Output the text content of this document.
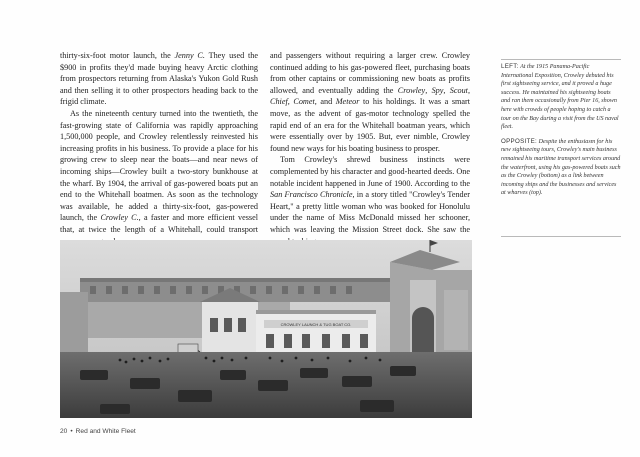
thirty-six-foot motor launch, the Jenny C. They used the $900 in profits they'd made buying heavy Arctic clothing from prospectors returning from Alaska's Yukon Gold Rush and then selling it to other prospectors heading back to the frigid climate.

As the nineteenth century turned into the twentieth, the fast-growing state of California was rapidly approaching 1,500,000 people, and Crowley relentlessly reinvested his increasing profits in his business. To provide a place for his growing crew to sleep near the boats—and near news of incoming ships—Crowley built a two-story bunkhouse at the wharf. By 1904, the arrival of gas-powered boats put an end to the Whitehall boatmen. As soon as the technology was available, he added a thirty-six-foot, gas-powered launch, the Crowley C., a faster and more efficient vessel that, at twice the length of a Whitehall, could transport

and passengers without requiring a larger crew. Crowley continued adding to his gas-powered fleet, purchasing boats from other captains or commissioning new boats as profits allowed, and eventually adding the Crowley, Spy, Scout, Chief, Comet, and Meteor to his holdings. It was a smart move, as the advent of gas-motor technology spelled the rapid end of an era for the Whitehall boatman years, which were essentially over by 1905. But, ever nimble, Crowley found new ways for his boating business to prosper.

Tom Crowley's shrewd business instincts were complemented by his character and good-hearted deeds. One notable incident happened in June of 1900. According to the San Francisco Chronicle, in a story titled "Crowley's Tender Heart," a pretty little woman who was booked for Honolulu under the name of Miss McDonald missed her schooner, which was leaving the Mission Street dock. She saw the

LEFT: At the 1915 Panama-Pacific International Exposition, Crowley debuted his first sightseeing service, and it proved a huge success. He maintained his sightseeing boats and ran them occasionally from Pier 16, shown here with crowds of people hoping to catch a tour on the Bay during a visit from the US naval fleet.

OPPOSITE: Despite the enthusiasm for his new sightseeing tours, Crowley's main business remained his maritime transport services around the waterfront, using his gas-powered boats such as the Crowley (bottom) as a link between incoming ships and the businesses and services at wharves (top).

CROWLEY LAUNCH & TUG BOAT CO.
20 • Red and White Fleet
